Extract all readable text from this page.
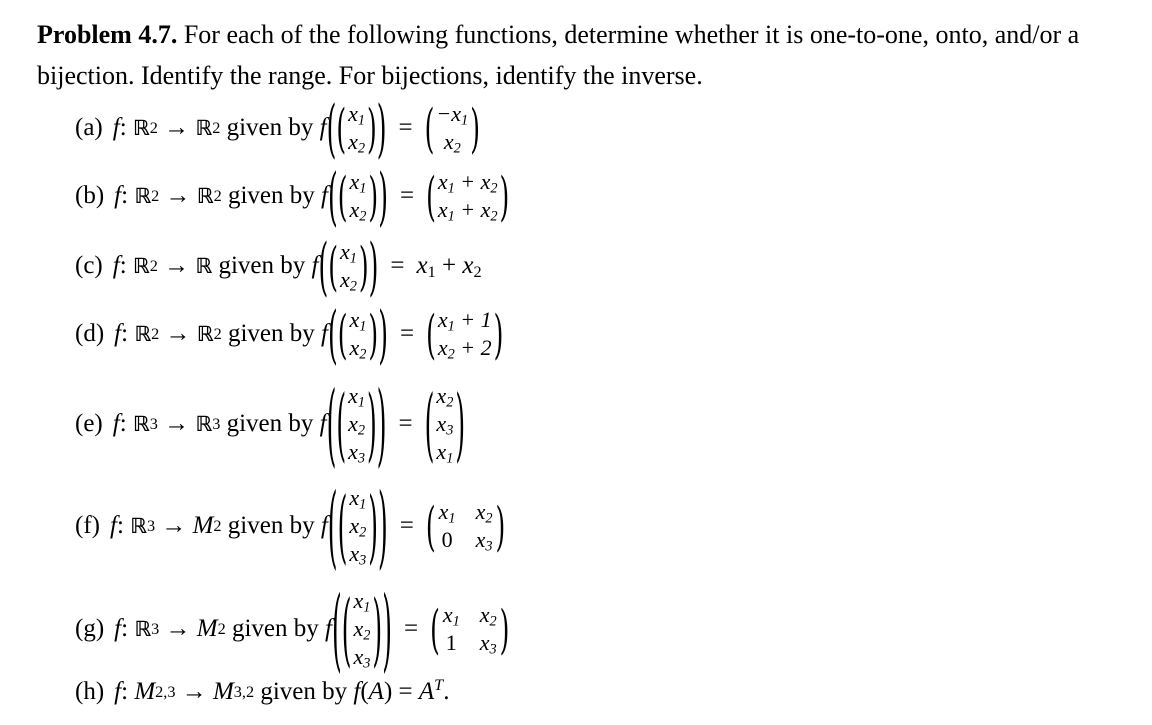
Problem 4.7. For each of the following functions, determine whether it is one-to-one, onto, and/or a bijection. Identify the range. For bijections, identify the inverse.
(a) f : ℝ 2 → ℝ 2
given by
f ( ( $x_1$
$x_2$ ) ) = ( $-x_1$
$x_2$ )
(b) f : ℝ 2 → ℝ 2
given by
f ( ( $x_1$
$x_2$ ) ) = ( $x_1 + x_2$
$x_1 + x_2$ )
(c) f : ℝ 2 → ℝ
given by
f ( ( $x_1$
$x_2$ ) ) = $x_1 + x_2$
(d) f : ℝ 2 → ℝ 2
given by
f ( ( $x_1$
$x_2$ ) ) = ( $x_1 + 1$
$x_2 + 2$ )
(e) f : ℝ 3 → ℝ 3
given by
f ( ( $x_1$
$x_2$
$x_3$ ) ) = ( $x_2$
$x_3$
$x_1$ )
(f) f : ℝ 3 → M 2
given by
f ( ( $x_1$
$x_2$
$x_3$ ) ) = ( $x_1$ $x_2$
0 $x_3$ )
(g) f : ℝ 3 → M 2
given by
f ( ( $x_1$
$x_2$
$x_3$ ) ) = ( $x_1$ $x_2$
1 $x_3$ )
(h) f : M 2,3 → M 3,2
given by
$f(A) = A^T$.
